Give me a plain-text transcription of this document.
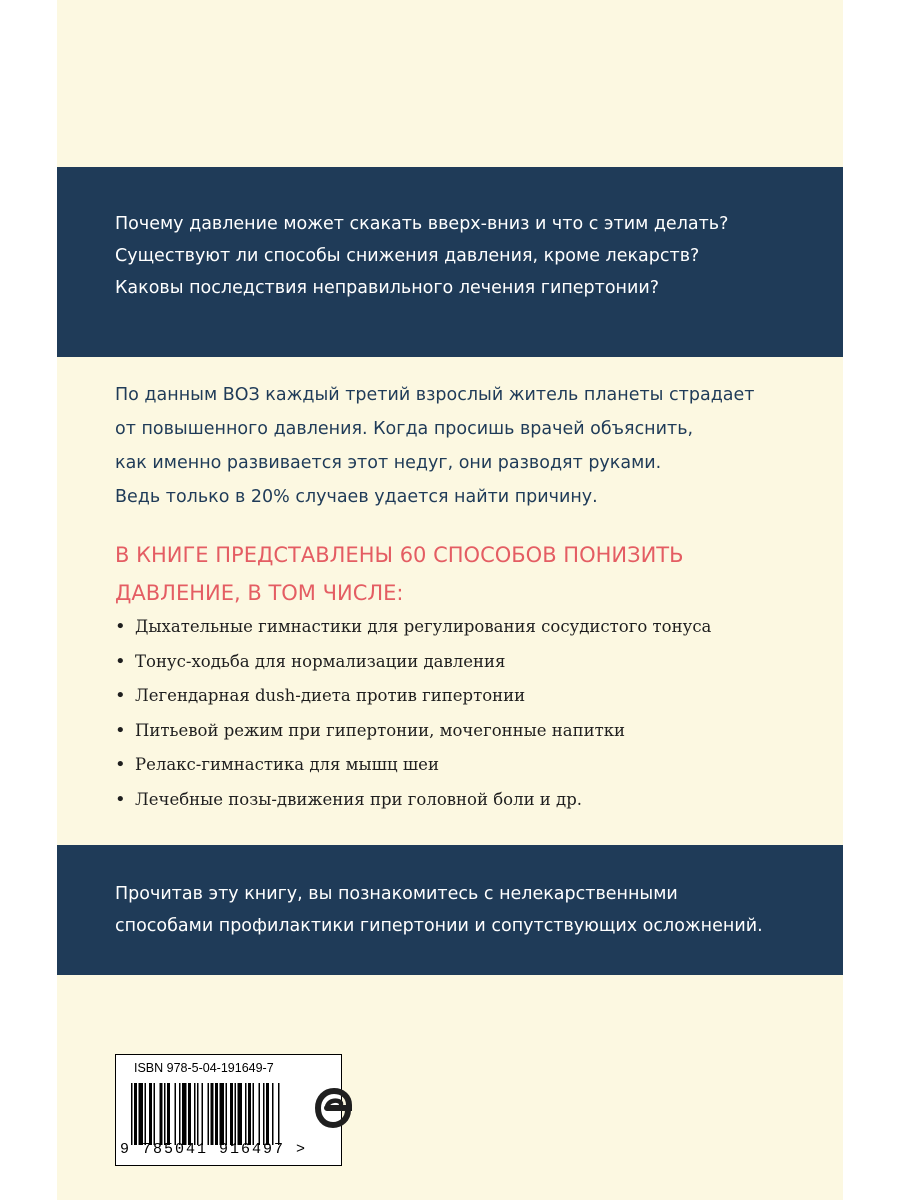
Почему давление может скакать вверх-вниз и что с этим делать?
Существуют ли способы снижения давления, кроме лекарств?
Каковы последствия неправильного лечения гипертонии?
По данным ВОЗ каждый третий взрослый житель планеты страдает
от повышенного давления. Когда просишь врачей объяснить,
как именно развивается этот недуг, они разводят руками.
Ведь только в 20% случаев удается найти причину.
В КНИГЕ ПРЕДСТАВЛЕНЫ 60 СПОСОБОВ ПОНИЗИТЬ
ДАВЛЕНИЕ, В ТОМ ЧИСЛЕ:
• Дыхательные гимнастики для регулирования сосудистого тонуса
• Тонус-ходьба для нормализации давления
• Легендарная dush-диета против гипертонии
• Питьевой режим при гипертонии, мочегонные напитки
• Релакс-гимнастика для мышц шеи
• Лечебные позы-движения при головной боли и др.
Прочитав эту книгу, вы познакомитесь с нелекарственными
способами профилактики гипертонии и сопутствующих осложнений.
ISBN 978-5-04-191649-7
9 785041 916497 >
